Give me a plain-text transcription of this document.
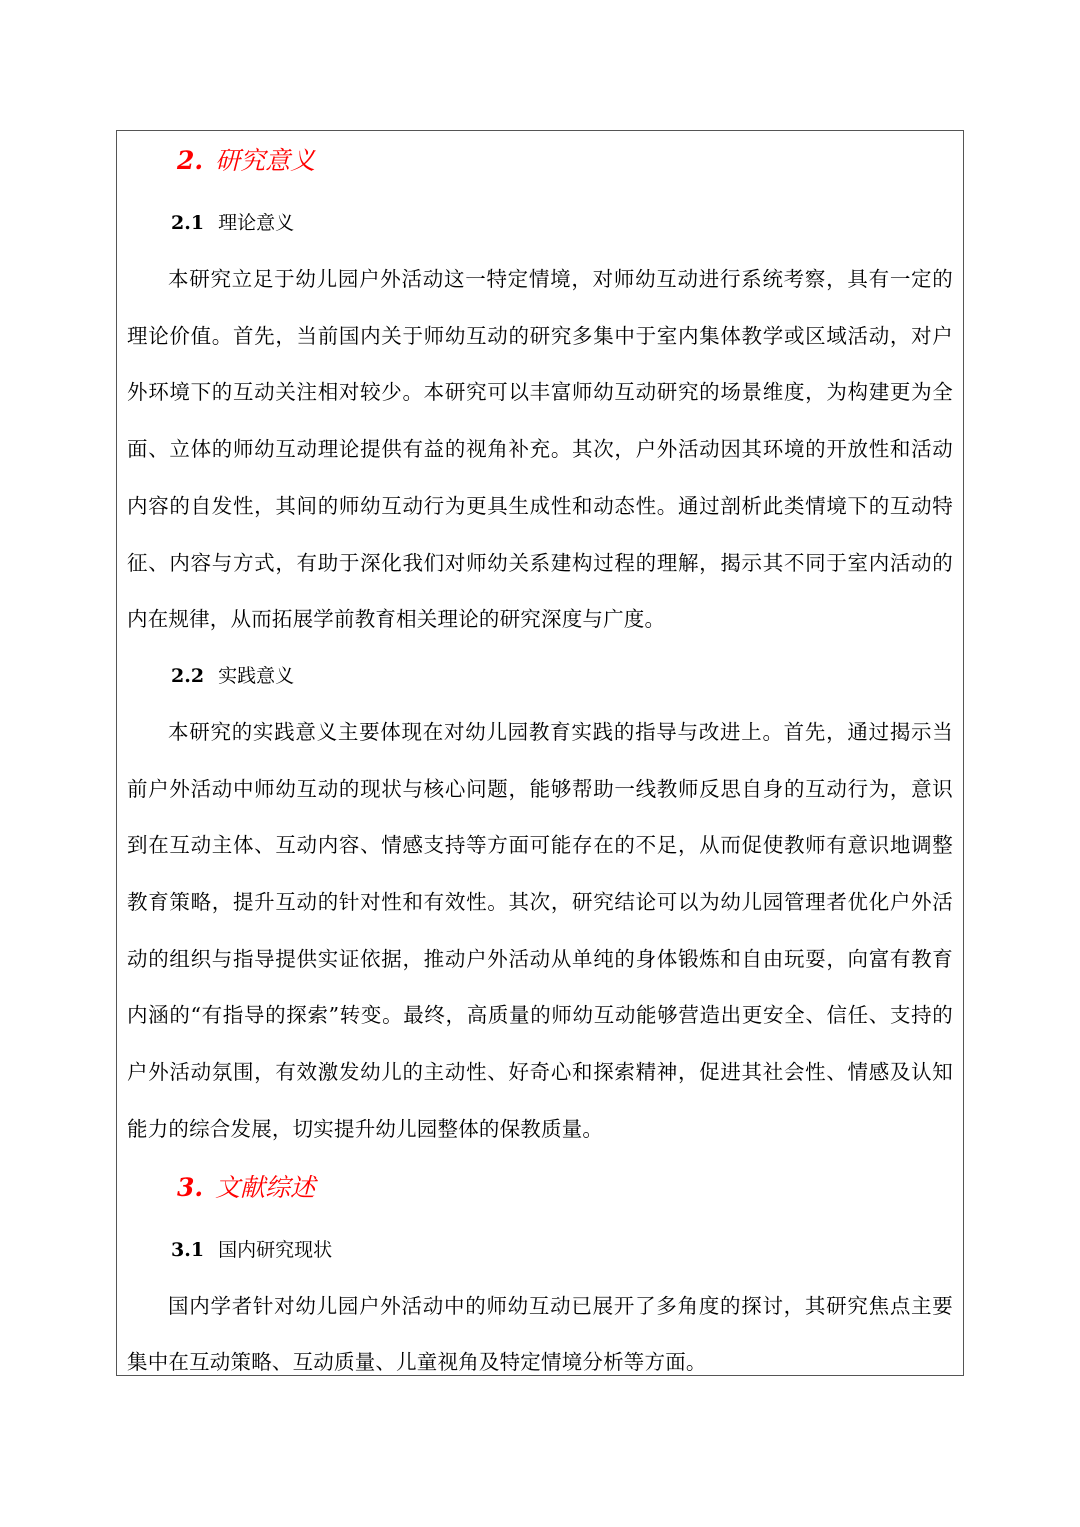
2. 研究意义
2.1 理论意义

本研究立足于幼儿园户外活动这一特定情境，对师幼互动进行系统考察，具有一定的理论价值。首先，当前国内关于师幼互动的研究多集中于室内集体教学或区域活动，对户外环境下的互动关注相对较少。本研究可以丰富师幼互动研究的场景维度，为构建更为全面、立体的师幼互动理论提供有益的视角补充。其次，户外活动因其环境的开放性和活动内容的自发性，其间的师幼互动行为更具生成性和动态性。通过剖析此类情境下的互动特征、内容与方式，有助于深化我们对师幼关系建构过程的理解，揭示其不同于室内活动的内在规律，从而拓展学前教育相关理论的研究深度与广度。

2.2 实践意义

本研究的实践意义主要体现在对幼儿园教育实践的指导与改进上。首先，通过揭示当前户外活动中师幼互动的现状与核心问题，能够帮助一线教师反思自身的互动行为，意识到在互动主体、互动内容、情感支持等方面可能存在的不足，从而促使教师有意识地调整教育策略，提升互动的针对性和有效性。其次，研究结论可以为幼儿园管理者优化户外活动的组织与指导提供实证依据，推动户外活动从单纯的身体锻炼和自由玩耍，向富有教育内涵的“有指导的探索”转变。最终，高质量的师幼互动能够营造出更安全、信任、支持的户外活动氛围，有效激发幼儿的主动性、好奇心和探索精神，促进其社会性、情感及认知能力的综合发展，切实提升幼儿园整体的保教质量。

3. 文献综述
3.1 国内研究现状

国内学者针对幼儿园户外活动中的师幼互动已展开了多角度的探讨，其研究焦点主要集中在互动策略、互动质量、儿童视角及特定情境分析等方面。
